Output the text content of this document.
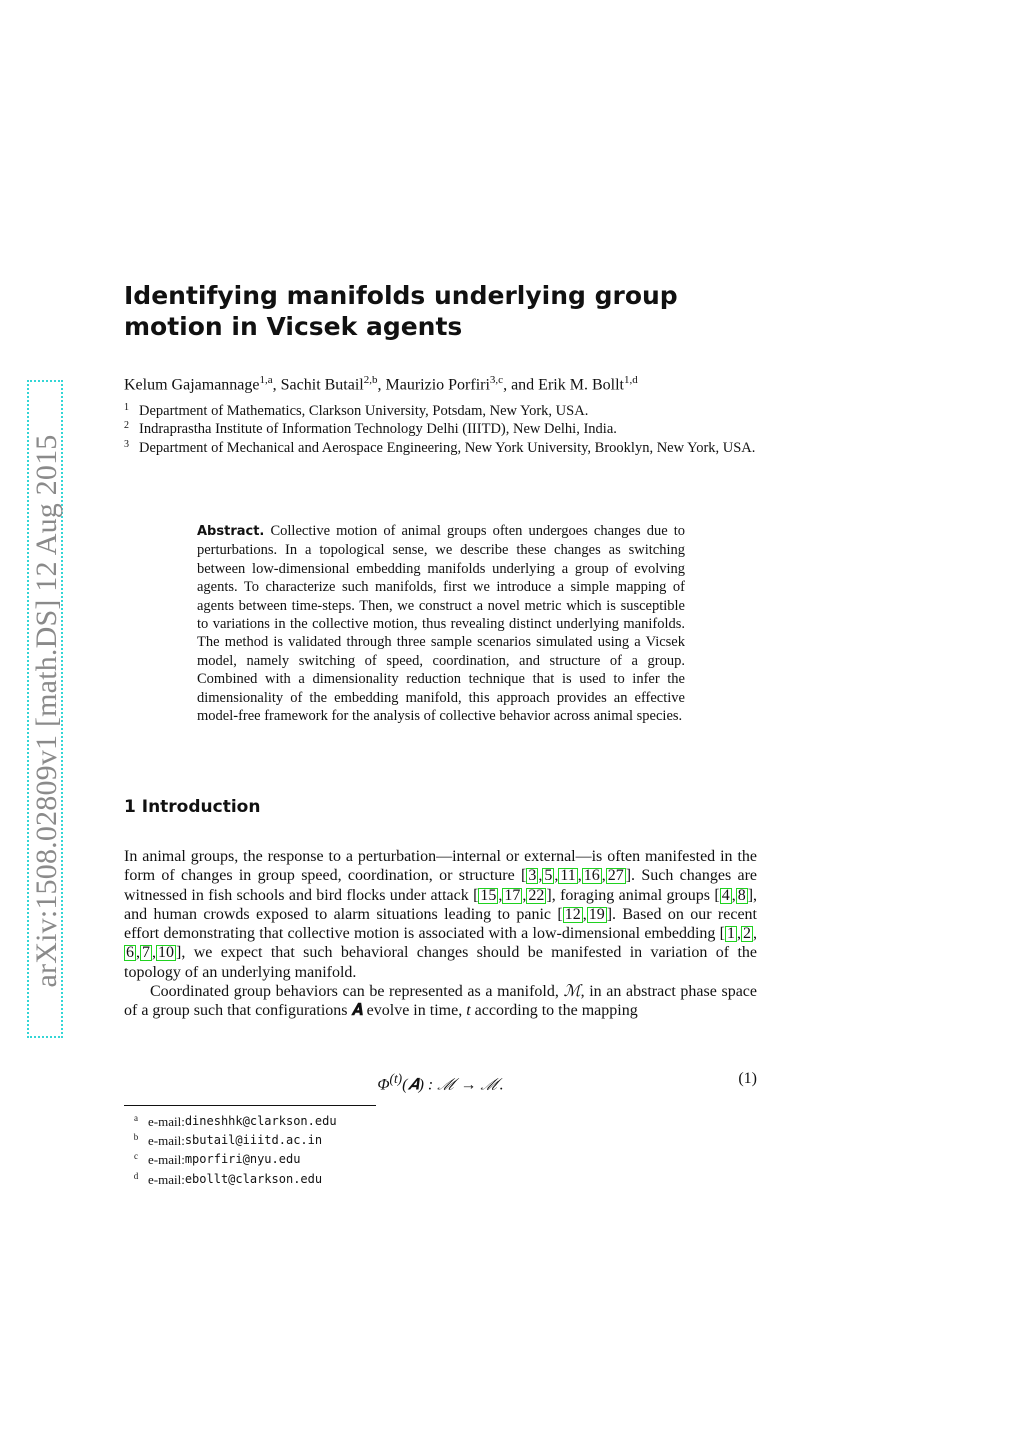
arXiv:1508.02809v1 [math.DS] 12 Aug 2015
Identifying manifolds underlying group motion in Vicsek agents
Kelum Gajamannage$^{1,a}$, Sachit Butail$^{2,b}$, Maurizio Porfiri$^{3,c}$, and Erik M. Bollt$^{1,d}$
1 Department of Mathematics, Clarkson University, Potsdam, New York, USA.
2 Indraprastha Institute of Information Technology Delhi (IIITD), New Delhi, India.
3 Department of Mechanical and Aerospace Engineering, New York University, Brooklyn, New York, USA.
Abstract. Collective motion of animal groups often undergoes changes due to perturbations. In a topological sense, we describe these changes as switching between low-dimensional embedding manifolds underlying a group of evolving agents. To characterize such manifolds, first we introduce a simple mapping of agents between time-steps. Then, we construct a novel metric which is susceptible to variations in the collective motion, thus revealing distinct underlying manifolds. The method is validated through three sample scenarios simulated using a Vicsek model, namely switching of speed, coordination, and structure of a group. Combined with a dimensionality reduction technique that is used to infer the dimensionality of the embedding manifold, this approach provides an effective model-free framework for the analysis of collective behavior across animal species.
1 Introduction

In animal groups, the response to a perturbation—internal or external—is often manifested in the form of changes in group speed, coordination, or structure [ 3 , 5 , 11 , 16 , 27 ]. Such changes are witnessed in fish schools and bird flocks under attack [ 15 , 17 , 22 ], foraging animal groups [ 4 , 8 ], and human crowds exposed to alarm situations leading to panic [ 12 , 19 ]. Based on our recent effort demonstrating that collective motion is associated with a low-dimensional embedding [ 1 , 2 ,6 , 7 , 10 ], we expect that such behavioral changes should be manifested in variation of the topology of an underlying manifold.

Coordinated group behaviors can be represented as a manifold, ℳ, in an abstract phase space of a group such that configurations 𝑨 evolve in time, t according to the mapping

$\Phi^{(t)}(𝑨)$ : ℳ → ℳ.	(1)
a e-mail: dineshhk@clarkson.edu
b e-mail: sbutail@iiitd.ac.in
c e-mail: mporfiri@nyu.edu
d e-mail: ebollt@clarkson.edu
